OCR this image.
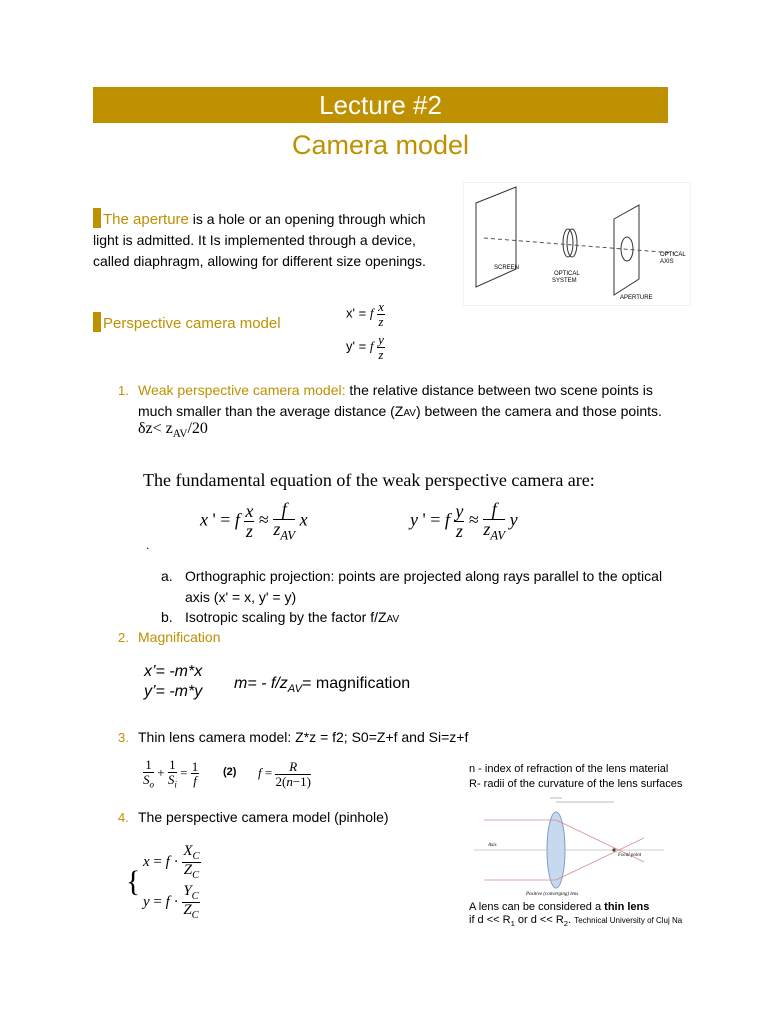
Lecture #2
Camera model
The aperture is a hole or an opening through which light is admitted. It Is implemented through a device, called diaphragm, allowing for different size openings.	SCREEN
OPTICAL SYSTEM
OPTICAL AXIS
APERTURE
Perspective camera model
x' = f $\frac{x}{z}$
y' = f $\frac{y}{z}$
1. Weak perspective camera model: the relative distance between two scene points is much smaller than the average distance (ZAV) between the camera and those points. $\delta z< z_{AV}/20$
The fundamental equation of the weak perspective camera are:
x ' = f $\frac{x}{z} \approx \frac{f}{z_{AV}}$ x	y ' = f $\frac{y}{z} \approx \frac{f}{z_{AV}}$ y
.
a. Orthographic projection: points are projected along rays parallel to the optical axis (x' = x, y' = y)
b. Isotropic scaling by the factor f/ZAV
2. Magnification
x’= -m*x
y’= -m*y $m= - f/z_{AV}=$ magnification
3. Thin lens camera model: Z*z = f2; S0=Z+f and Si=z+f
$\frac{1}{S_o} + \frac{1}{S_i} = \frac{1}{f} (2) f = \frac{R}{2(n-1)}$
4. The perspective camera model (pinhole)
{
$x = f \cdot \frac{X_C}{Z_C}$
$y = f \cdot \frac{Y_C}{Z_C}$
n - index of refraction of the lens material
R- radii of the curvature of the lens surfaces
Axis
Focal point
Positive (converging) lens
A lens can be considered a thin lens
if $d << R_1$ or $d << R_2$. Technical University of Cluj Na
